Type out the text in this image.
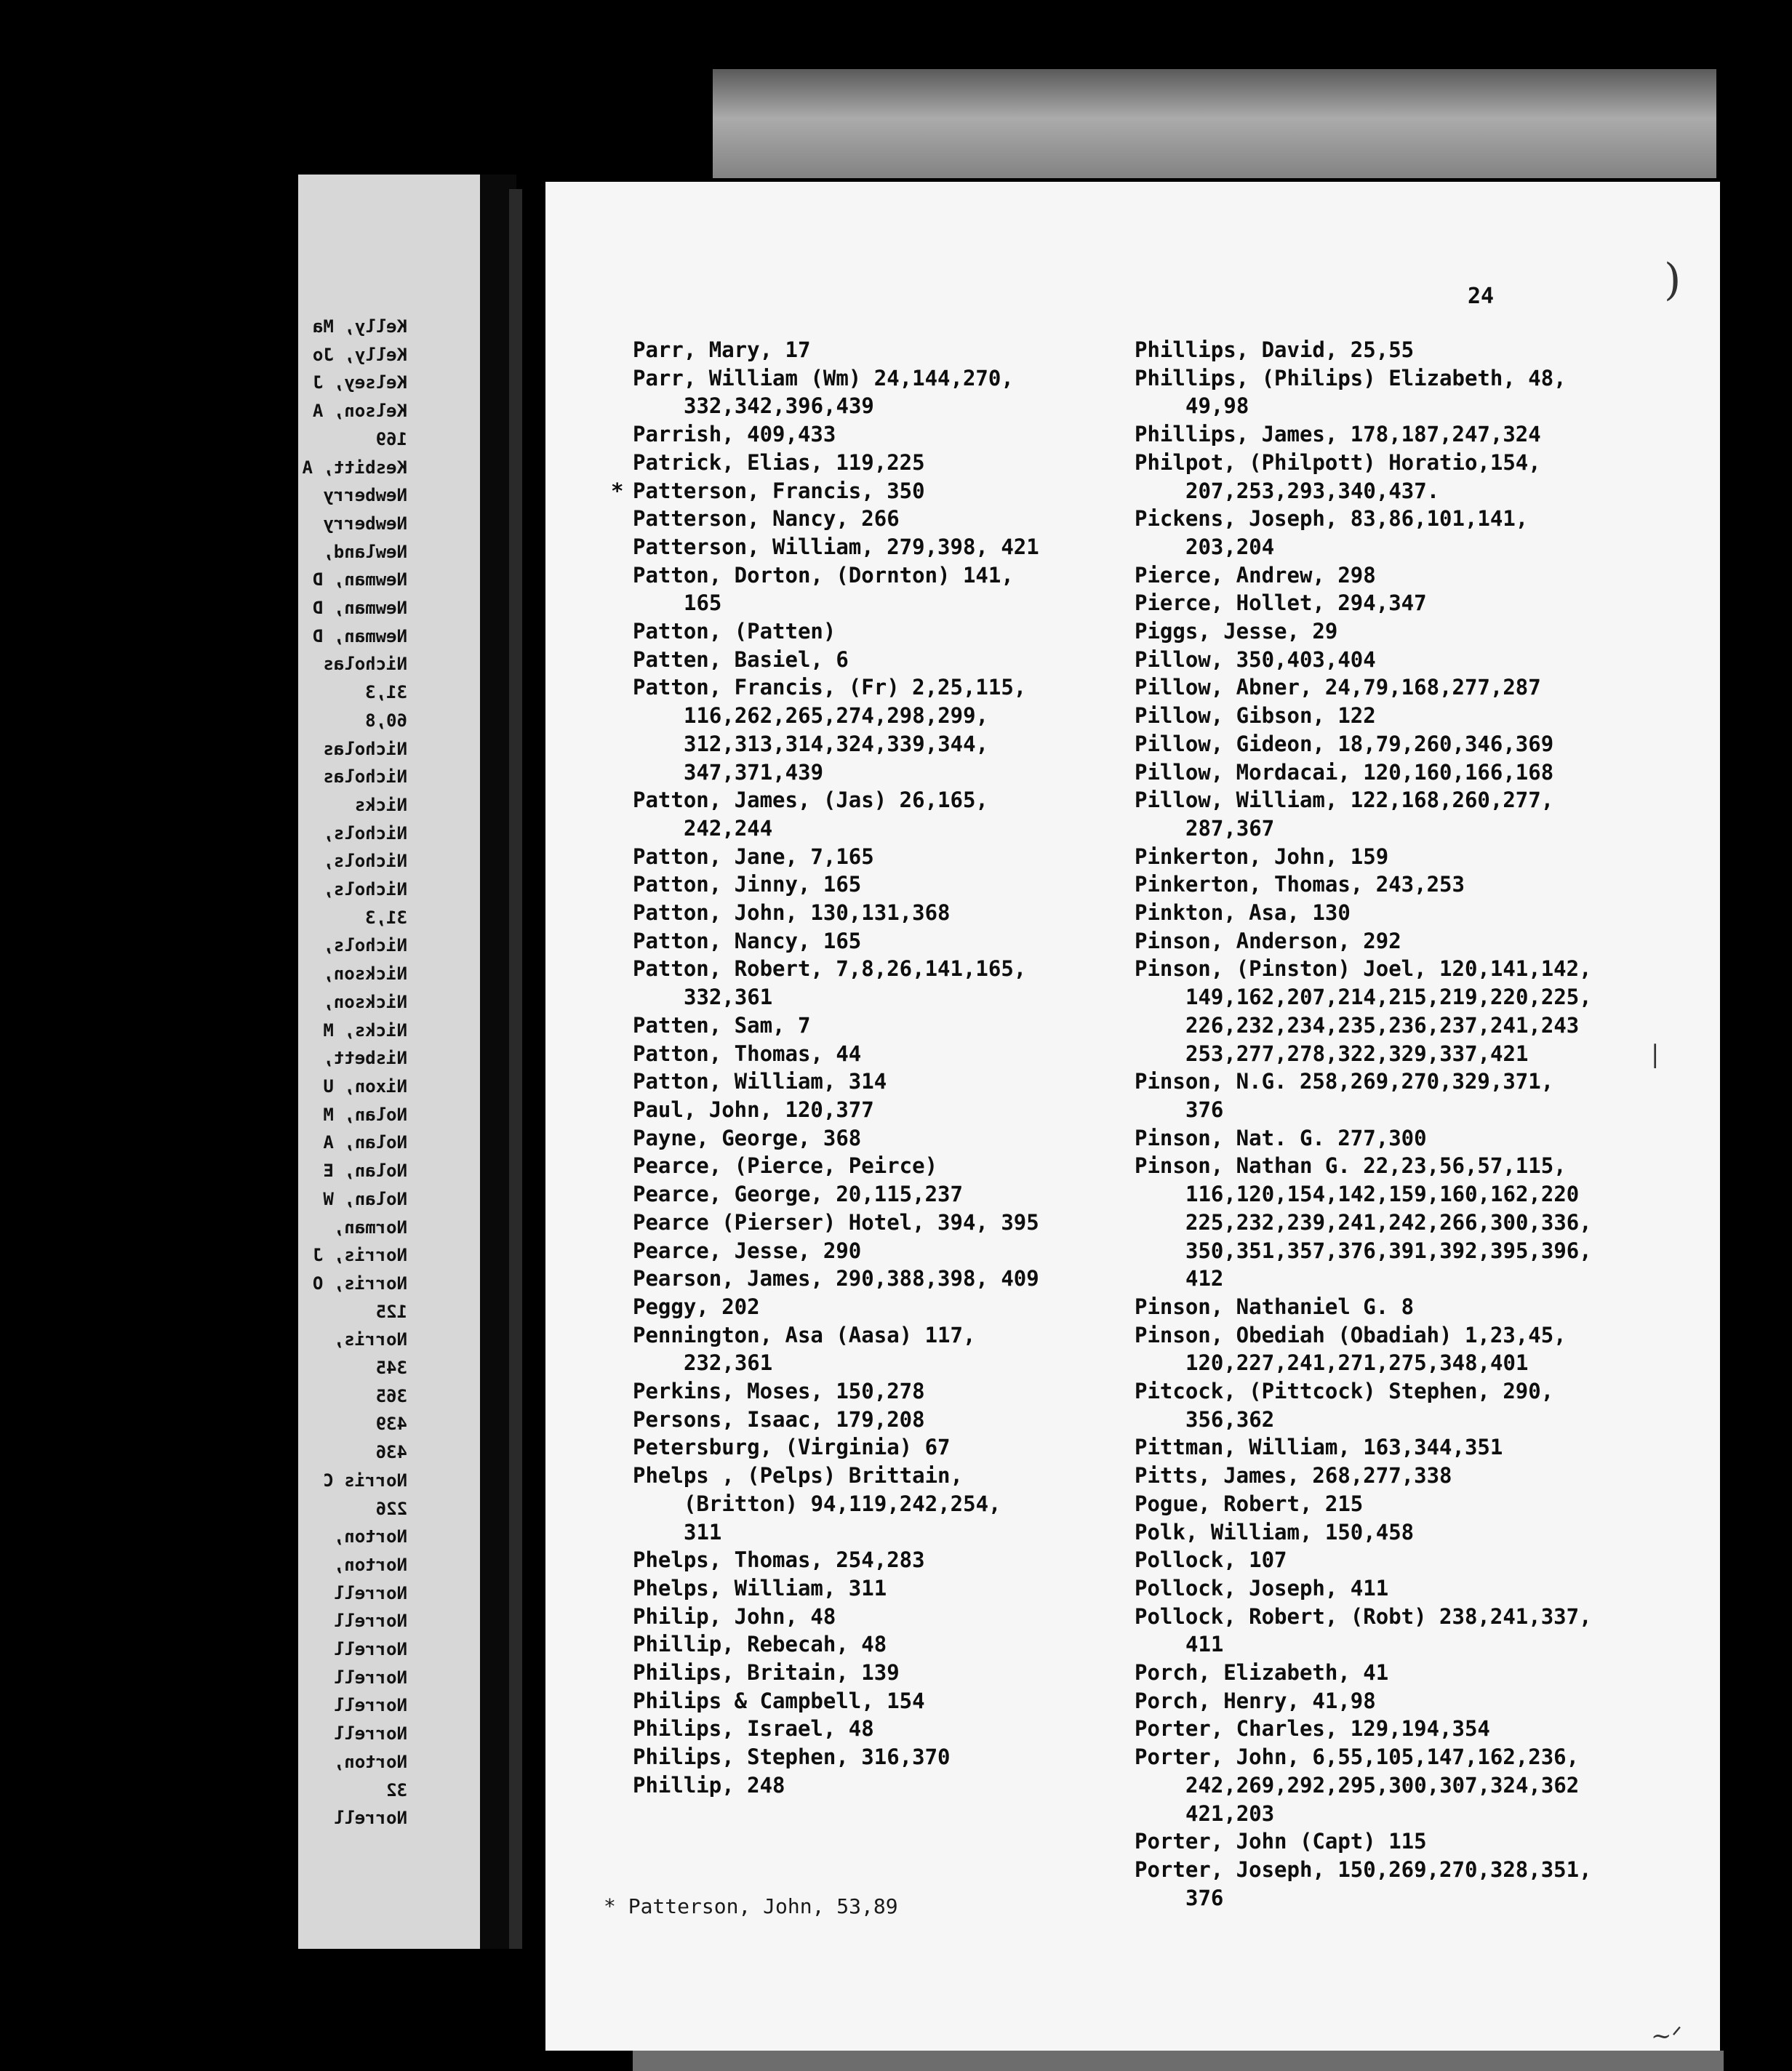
Kelly, Ma
Kelly, Jo
Kelsey, J
Kelson, A
169
Kesbitt, A
Newberry
Newberry
Newland,
Newman, D
Newman, D
Newman, D
Nicholas
31,3
60,8
Nicholas
Nicholas
Nicks
Nichols,
Nichols,
Nichols,
31,3
Nichols,
Nickson,
Nickson,
Nicks, M
Nisbett,
Nixon, U
Nolan, M
Nolan, A
Nolan, E
Nolan, W
Norman,
Norris, J
Norris, O
125
Norris,
345
365
439
436
Norris C
226
Norton,
Norton,
Norrell
Norrell
Norrell
Norrell
Norrell
Norrell
Norton,
32
Norrell
24
Parr, Mary, 17
Parr, William (Wm) 24,144,270, 332,342,396,439
Parrish, 409,433
Patrick, Elias, 119,225
* Patterson, Francis, 350
Patterson, Nancy, 266
Patterson, William, 279,398, 421
Patton, Dorton, (Dornton) 141, 165
Patton, (Patten)
Patten, Basiel, 6
Patton, Francis, (Fr) 2,25,115, 116,262,265,274,298,299, 312,313,314,324,339,344, 347,371,439
Patton, James, (Jas) 26,165, 242,244
Patton, Jane, 7,165
Patton, Jinny, 165
Patton, John, 130,131,368
Patton, Nancy, 165
Patton, Robert, 7,8,26,141,165, 332,361
Patten, Sam, 7
Patton, Thomas, 44
Patton, William, 314
Paul, John, 120,377
Payne, George, 368
Pearce, (Pierce, Peirce)
Pearce, George, 20,115,237
Pearce (Pierser) Hotel, 394, 395
Pearce, Jesse, 290
Pearson, James, 290,388,398, 409
Peggy, 202
Pennington, Asa (Aasa) 117, 232,361
Perkins, Moses, 150,278
Persons, Isaac, 179,208
Petersburg, (Virginia) 67
Phelps , (Pelps) Brittain, (Britton) 94,119,242,254, 311
Phelps, Thomas, 254,283
Phelps, William, 311
Philip, John, 48
Phillip, Rebecah, 48
Philips, Britain, 139
Philips & Campbell, 154
Philips, Israel, 48
Philips, Stephen, 316,370
Phillip, 248
Phillips, David, 25,55
Phillips, (Philips) Elizabeth, 48, 49,98
Phillips, James, 178,187,247,324
Philpot, (Philpott) Horatio,154, 207,253,293,340,437.
Pickens, Joseph, 83,86,101,141, 203,204
Pierce, Andrew, 298
Pierce, Hollet, 294,347
Piggs, Jesse, 29
Pillow, 350,403,404
Pillow, Abner, 24,79,168,277,287
Pillow, Gibson, 122
Pillow, Gideon, 18,79,260,346,369
Pillow, Mordacai, 120,160,166,168
Pillow, William, 122,168,260,277, 287,367
Pinkerton, John, 159
Pinkerton, Thomas, 243,253
Pinkton, Asa, 130
Pinson, Anderson, 292
Pinson, (Pinston) Joel, 120,141,142, 149,162,207,214,215,219,220,225, 226,232,234,235,236,237,241,243 253,277,278,322,329,337,421
Pinson, N.G. 258,269,270,329,371, 376
Pinson, Nat. G. 277,300
Pinson, Nathan G. 22,23,56,57,115, 116,120,154,142,159,160,162,220 225,232,239,241,242,266,300,336, 350,351,357,376,391,392,395,396, 412
Pinson, Nathaniel G. 8
Pinson, Obediah (Obadiah) 1,23,45, 120,227,241,271,275,348,401
Pitcock, (Pittcock) Stephen, 290, 356,362
Pittman, William, 163,344,351
Pitts, James, 268,277,338
Pogue, Robert, 215
Polk, William, 150,458
Pollock, 107
Pollock, Joseph, 411
Pollock, Robert, (Robt) 238,241,337, 411
Porch, Elizabeth, 41
Porch, Henry, 41,98
Porter, Charles, 129,194,354
Porter, John, 6,55,105,147,162,236, 242,269,292,295,300,307,324,362 421,203
Porter, John (Capt) 115
Porter, Joseph, 150,269,270,328,351, 376
* Patterson, John, 53,89
)
~ᐟ
|
